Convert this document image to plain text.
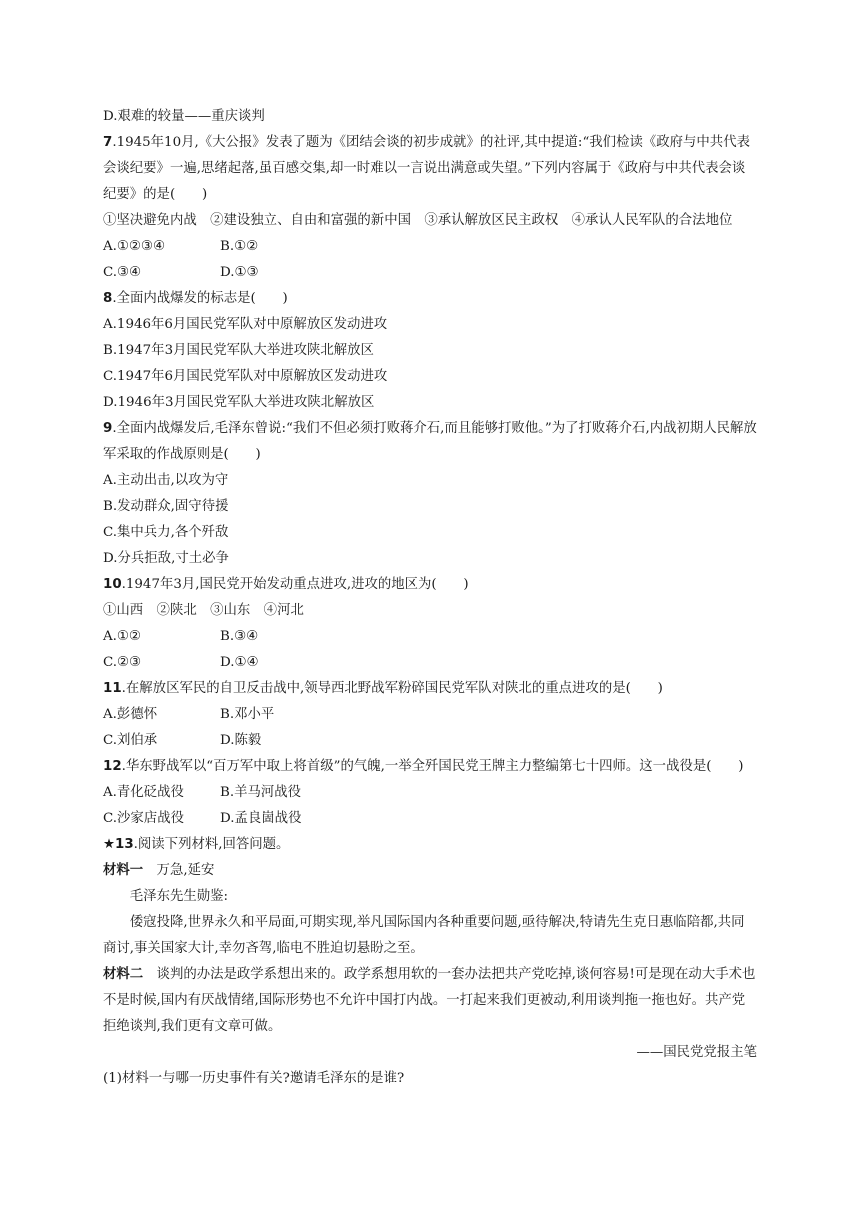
D.艰难的较量——重庆谈判
7.1945年10月,《大公报》发表了题为《团结会谈的初步成就》的社评,其中提道:“我们检读《政府与中共代表会谈纪要》一遍,思绪起落,虽百感交集,却一时难以一言说出满意或失望。”下列内容属于《政府与中共代表会谈纪要》的是(　　)
①坚决避免内战　②建设独立、自由和富强的新中国　③承认解放区民主政权　④承认人民军队的合法地位
A.①②③④	B.①②
C.③④	D.①③
8.全面内战爆发的标志是(　　)
A.1946年6月国民党军队对中原解放区发动进攻
B.1947年3月国民党军队大举进攻陕北解放区
C.1947年6月国民党军队对中原解放区发动进攻
D.1946年3月国民党军队大举进攻陕北解放区
9.全面内战爆发后,毛泽东曾说:“我们不但必须打败蒋介石,而且能够打败他。”为了打败蒋介石,内战初期人民解放军采取的作战原则是(　　)
A.主动出击,以攻为守
B.发动群众,固守待援
C.集中兵力,各个歼敌
D.分兵拒敌,寸土必争
10.1947年3月,国民党开始发动重点进攻,进攻的地区为(　　)
①山西　②陕北　③山东　④河北
A.①②	B.③④
C.②③	D.①④
11.在解放区军民的自卫反击战中,领导西北野战军粉碎国民党军队对陕北的重点进攻的是(　　)
A.彭德怀	B.邓小平
C.刘伯承	D.陈毅
12.华东野战军以“百万军中取上将首级”的气魄,一举全歼国民党王牌主力整编第七十四师。这一战役是(　　)
A.青化砭战役	B.羊马河战役
C.沙家店战役	D.孟良崮战役
★13.阅读下列材料,回答问题。
材料一　万急,延安
毛泽东先生勋鉴:
倭寇投降,世界永久和平局面,可期实现,举凡国际国内各种重要问题,亟待解决,特请先生克日惠临陪都,共同商讨,事关国家大计,幸勿吝驾,临电不胜迫切悬盼之至。
材料二　谈判的办法是政学系想出来的。政学系想用软的一套办法把共产党吃掉,谈何容易!可是现在动大手术也不是时候,国内有厌战情绪,国际形势也不允许中国打内战。一打起来我们更被动,利用谈判拖一拖也好。共产党拒绝谈判,我们更有文章可做。
——国民党党报主笔
(1)材料一与哪一历史事件有关?邀请毛泽东的是谁?
